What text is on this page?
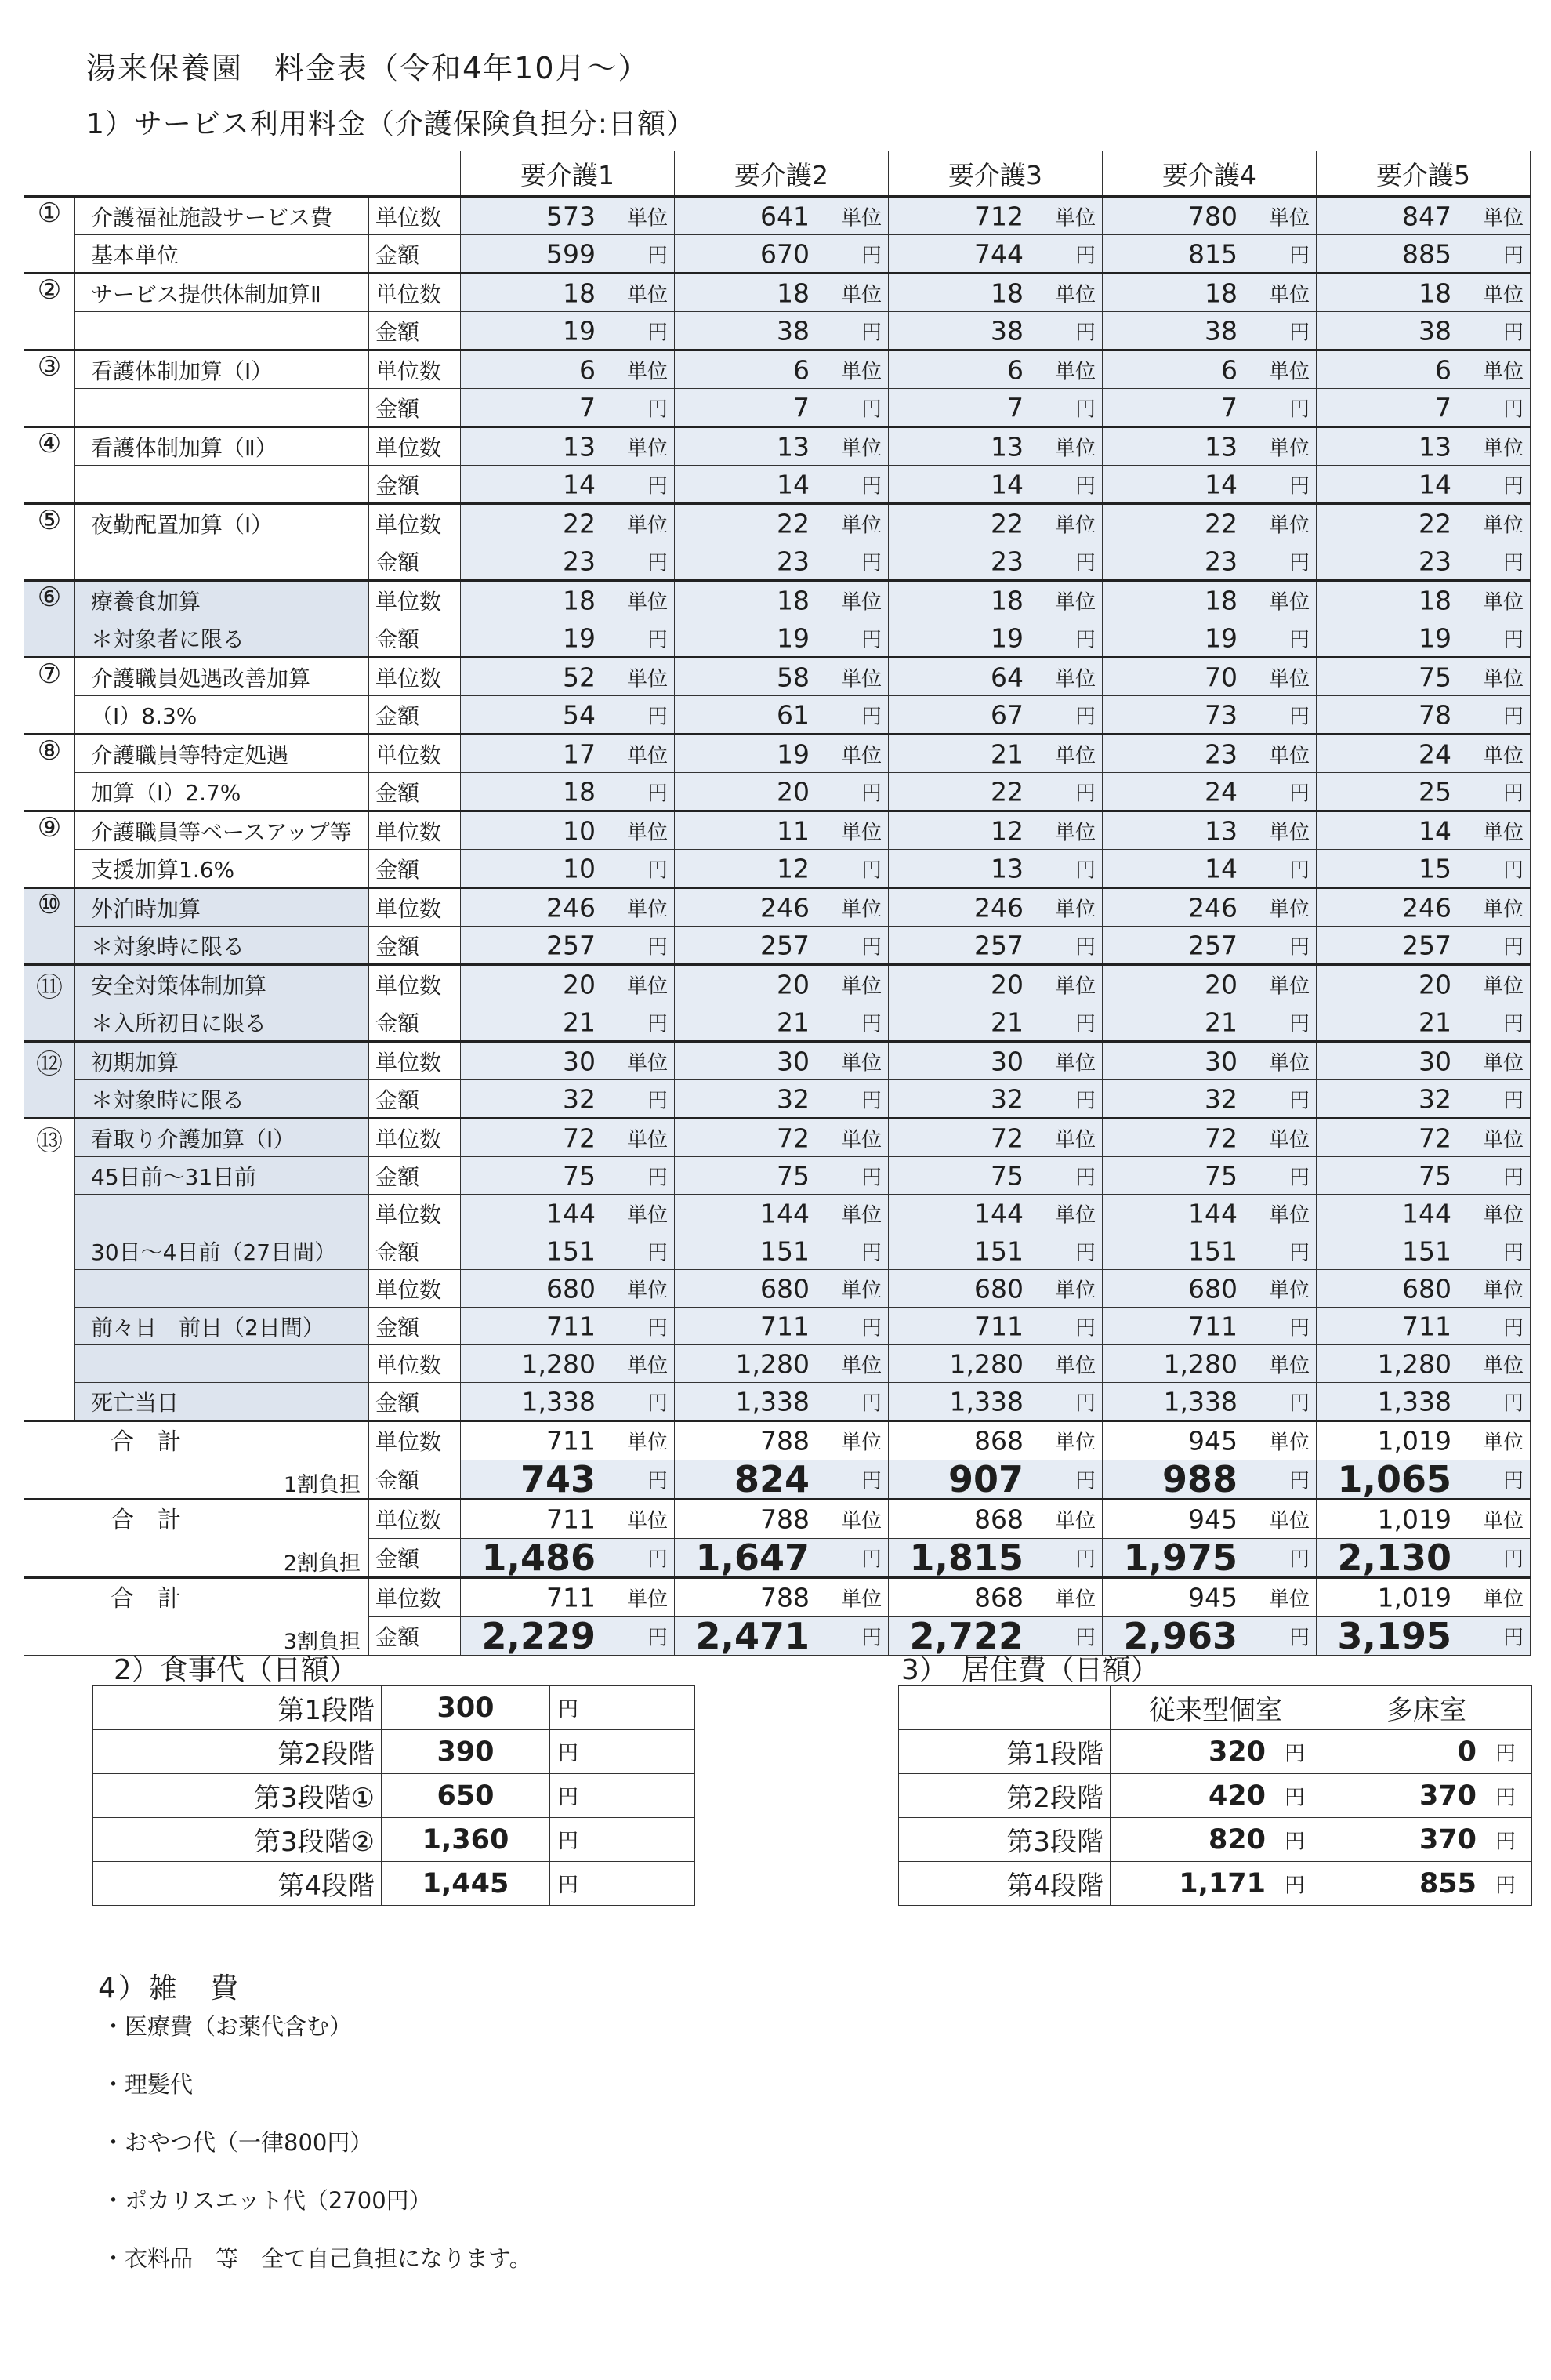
湯来保養園　料金表（令和4年10月～）
1）サービス利用料金（介護保険負担分:日額）
			要介護1	要介護2	要介護3	要介護4	要介護5
①	介護福祉施設サービス費	単位数	573 単位	641 単位	712 単位	780 単位	847 単位

	基本単位	金額	599 円	670 円	744 円	815 円	885 円

②	サービス提供体制加算Ⅱ	単位数	18 単位	18 単位	18 単位	18 単位	18 単位

		金額	19 円	38 円	38 円	38 円	38 円

③	看護体制加算（Ⅰ）	単位数	6 単位	6 単位	6 単位	6 単位	6 単位

		金額	7 円	7 円	7 円	7 円	7 円

④	看護体制加算（Ⅱ）	単位数	13 単位	13 単位	13 単位	13 単位	13 単位

		金額	14 円	14 円	14 円	14 円	14 円

⑤	夜勤配置加算（Ⅰ）	単位数	22 単位	22 単位	22 単位	22 単位	22 単位

		金額	23 円	23 円	23 円	23 円	23 円

⑥	療養食加算	単位数	18 単位	18 単位	18 単位	18 単位	18 単位

	＊対象者に限る	金額	19 円	19 円	19 円	19 円	19 円

⑦	介護職員処遇改善加算	単位数	52 単位	58 単位	64 単位	70 単位	75 単位

	（Ⅰ）8.3%	金額	54 円	61 円	67 円	73 円	78 円

⑧	介護職員等特定処遇	単位数	17 単位	19 単位	21 単位	23 単位	24 単位

	加算（Ⅰ）2.7%	金額	18 円	20 円	22 円	24 円	25 円

⑨	介護職員等ベースアップ等	単位数	10 単位	11 単位	12 単位	13 単位	14 単位

	支援加算1.6%	金額	10 円	12 円	13 円	14 円	15 円

⑩	外泊時加算	単位数	246 単位	246 単位	246 単位	246 単位	246 単位

	＊対象時に限る	金額	257 円	257 円	257 円	257 円	257 円

⑪	安全対策体制加算	単位数	20 単位	20 単位	20 単位	20 単位	20 単位

	＊入所初日に限る	金額	21 円	21 円	21 円	21 円	21 円

⑫	初期加算	単位数	30 単位	30 単位	30 単位	30 単位	30 単位

	＊対象時に限る	金額	32 円	32 円	32 円	32 円	32 円

⑬	看取り介護加算（Ⅰ）	単位数	72 単位	72 単位	72 単位	72 単位	72 単位

	45日前～31日前	金額	75 円	75 円	75 円	75 円	75 円

		単位数	144 単位	144 単位	144 単位	144 単位	144 単位

	30日～4日前（27日間）	金額	151 円	151 円	151 円	151 円	151 円

		単位数	680 単位	680 単位	680 単位	680 単位	680 単位

	前々日　前日（2日間）	金額	711 円	711 円	711 円	711 円	711 円

		単位数	1,280 単位	1,280 単位	1,280 単位	1,280 単位	1,280 単位

	死亡当日	金額	1,338 円	1,338 円	1,338 円	1,338 円	1,338 円

合　計
1割負担		単位数	711 単位	788 単位	868 単位	945 単位	1,019 単位

		金額	743 円	824 円	907 円	988 円	1,065 円

合　計
2割負担		単位数	711 単位	788 単位	868 単位	945 単位	1,019 単位

		金額	1,486 円	1,647 円	1,815 円	1,975 円	2,130 円

合　計
3割負担		単位数	711 単位	788 単位	868 単位	945 単位	1,019 単位

		金額	2,229 円	2,471 円	2,722 円	2,963 円	3,195 円
2）食事代（日額）
第1段階	300	円
第2段階	390	円
第3段階①	650	円
第3段階②	1,360	円
第4段階	1,445	円
3）　居住費（日額）
	従来型個室	多床室
第1段階	320 円	0 円

第2段階	420 円	370 円

第3段階	820 円	370 円

第4段階	1,171 円	855 円
4）雑　費
・医療費（お薬代含む）
・理髪代
・おやつ代（一律800円）
・ポカリスエット代（2700円）
・衣料品　等　全て自己負担になります。
